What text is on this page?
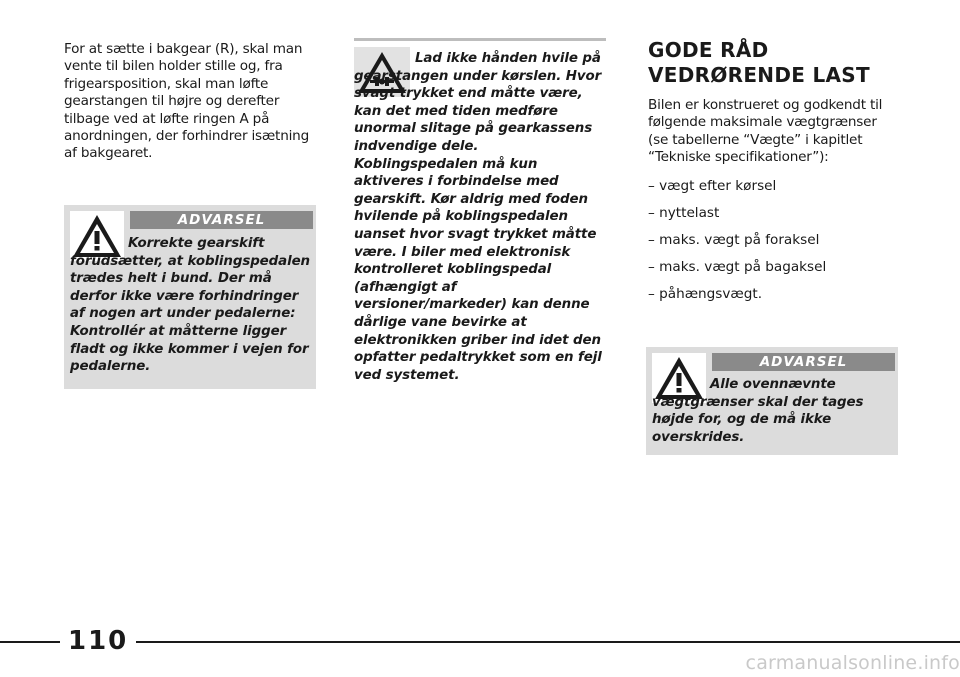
For at sætte i bakgear (R), skal man vente til bilen holder stille og, fra frigearsposition, skal man løfte gearstangen til højre og derefter tilbage ved at løfte ringen A på anordningen, der forhindrer isætning af bakgearet.
ADVARSEL
Korrekte gearskift forudsætter, at koblingspedalen trædes helt i bund. Der må derfor ikke være forhindringer af nogen art under pedalerne: Kontrollér at måtterne ligger fladt og ikke kommer i vejen for pedalerne.
Lad ikke hånden hvile på gearstangen under kørslen. Hvor svagt trykket end måtte være, kan det med tiden medføre unormal slitage på gearkassens indvendige dele. Koblingspedalen må kun aktiveres i forbindelse med gearskift. Kør aldrig med foden hvilende på koblingspedalen uanset hvor svagt trykket måtte være. I biler med elektronisk kontrolleret koblingspedal (afhængigt af versioner/markeder) kan denne dårlige vane bevirke at elektronikken griber ind idet den opfatter pedaltrykket som en fejl ved systemet.
GODE RÅD
VEDRØRENDE LAST
Bilen er konstrueret og godkendt til følgende maksimale vægtgrænser (se tabellerne “Vægte” i kapitlet “Tekniske specifikationer”):
– vægt efter kørsel
– nyttelast
– maks. vægt på foraksel
– maks. vægt på bagaksel
– påhængsvægt.
ADVARSEL
Alle ovennævnte vægtgrænser skal der tages højde for, og de må ikke overskrides.
110
carmanualsonline.info
